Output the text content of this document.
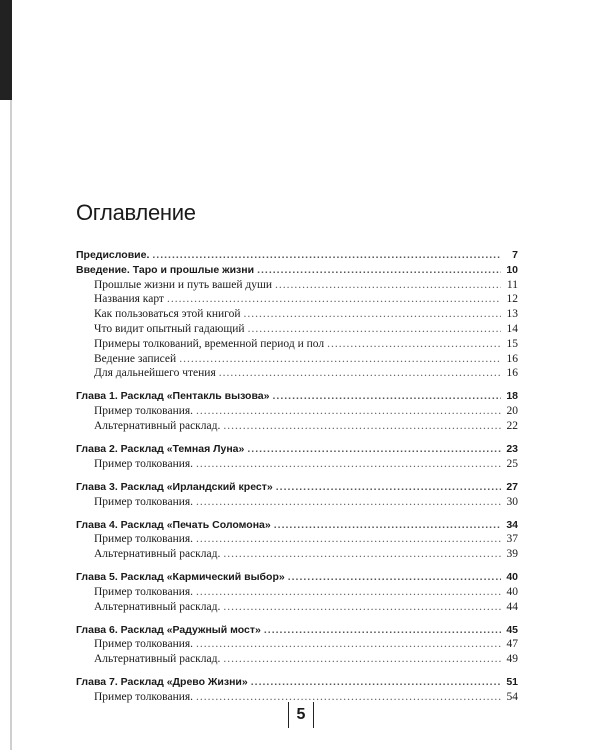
Оглавление
Предисловие. .....	7
Введение. Таро и прошлые жизни .....	10
Прошлые жизни и путь вашей души .....	11
Названия карт .....	12
Как пользоваться этой книгой .....	13
Что видит опытный гадающий .....	14
Примеры толкований, временной период и пол .....	15
Ведение записей .....	16
Для дальнейшего чтения .....	16
Глава 1. Расклад «Пентакль вызова» .....	18
Пример толкования. .....	20
Альтернативный расклад. .....	22
Глава 2. Расклад «Темная Луна» .....	23
Пример толкования. .....	25
Глава 3. Расклад «Ирландский крест» .....	27
Пример толкования. .....	30
Глава 4. Расклад «Печать Соломона» .....	34
Пример толкования. .....	37
Альтернативный расклад. .....	39
Глава 5. Расклад «Кармический выбор» .....	40
Пример толкования. .....	40
Альтернативный расклад. .....	44
Глава 6. Расклад «Радужный мост» .....	45
Пример толкования. .....	47
Альтернативный расклад. .....	49
Глава 7. Расклад «Древо Жизни» .....	51
Пример толкования. .....	54
5
